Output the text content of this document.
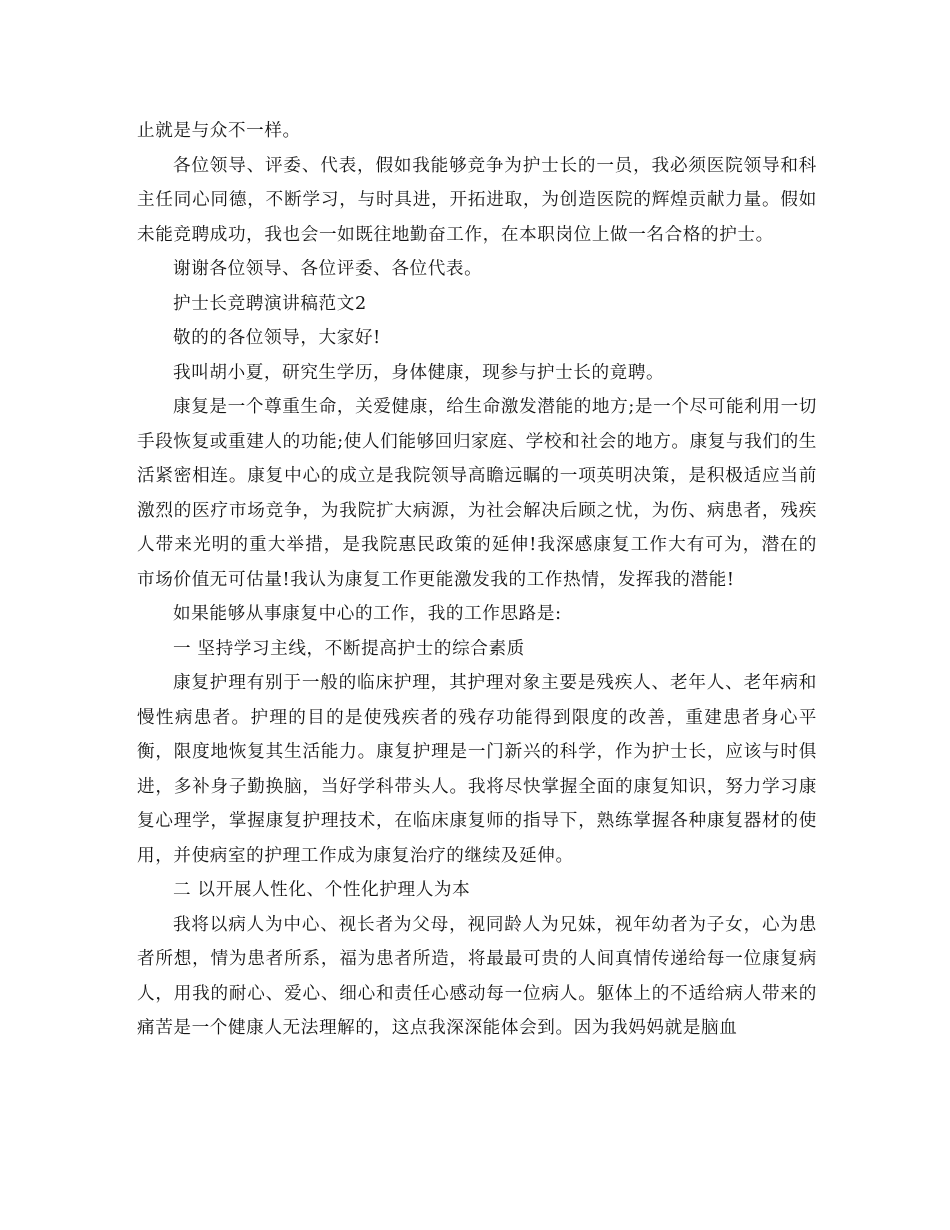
止就是与众不一样。

各位领导、评委、代表，假如我能够竞争为护士长的一员，我必须医院领导和科主任同心同德，不断学习，与时具进，开拓进取，为创造医院的辉煌贡献力量。假如未能竞聘成功，我也会一如既往地勤奋工作，在本职岗位上做一名合格的护士。

谢谢各位领导、各位评委、各位代表。

护士长竞聘演讲稿范文2

敬的的各位领导，大家好!

我叫胡小夏，研究生学历，身体健康，现参与护士长的竟聘。

康复是一个尊重生命，关爱健康，给生命激发潜能的地方;是一个尽可能利用一切手段恢复或重建人的功能;使人们能够回归家庭、学校和社会的地方。康复与我们的生活紧密相连。康复中心的成立是我院领导高瞻远瞩的一项英明决策，是积极适应当前激烈的医疗市场竞争，为我院扩大病源，为社会解决后顾之忧，为伤、病患者，残疾人带来光明的重大举措，是我院惠民政策的延伸!我深感康复工作大有可为，潜在的市场价值无可估量!我认为康复工作更能激发我的工作热情，发挥我的潜能!

如果能够从事康复中心的工作，我的工作思路是:

一 坚持学习主线，不断提高护士的综合素质

康复护理有别于一般的临床护理，其护理对象主要是残疾人、老年人、老年病和慢性病患者。护理的目的是使残疾者的残存功能得到限度的改善，重建患者身心平衡，限度地恢复其生活能力。康复护理是一门新兴的科学，作为护士长，应该与时俱进，多补身子勤换脑，当好学科带头人。我将尽快掌握全面的康复知识，努力学习康复心理学，掌握康复护理技术，在临床康复师的指导下，熟练掌握各种康复器材的使用，并使病室的护理工作成为康复治疗的继续及延伸。

二 以开展人性化、个性化护理人为本

我将以病人为中心、视长者为父母，视同龄人为兄妹，视年幼者为子女，心为患者所想，情为患者所系，福为患者所造，将最最可贵的人间真情传递给每一位康复病人，用我的耐心、爱心、细心和责任心感动每一位病人。躯体上的不适给病人带来的痛苦是一个健康人无法理解的，这点我深深能体会到。因为我妈妈就是脑血
